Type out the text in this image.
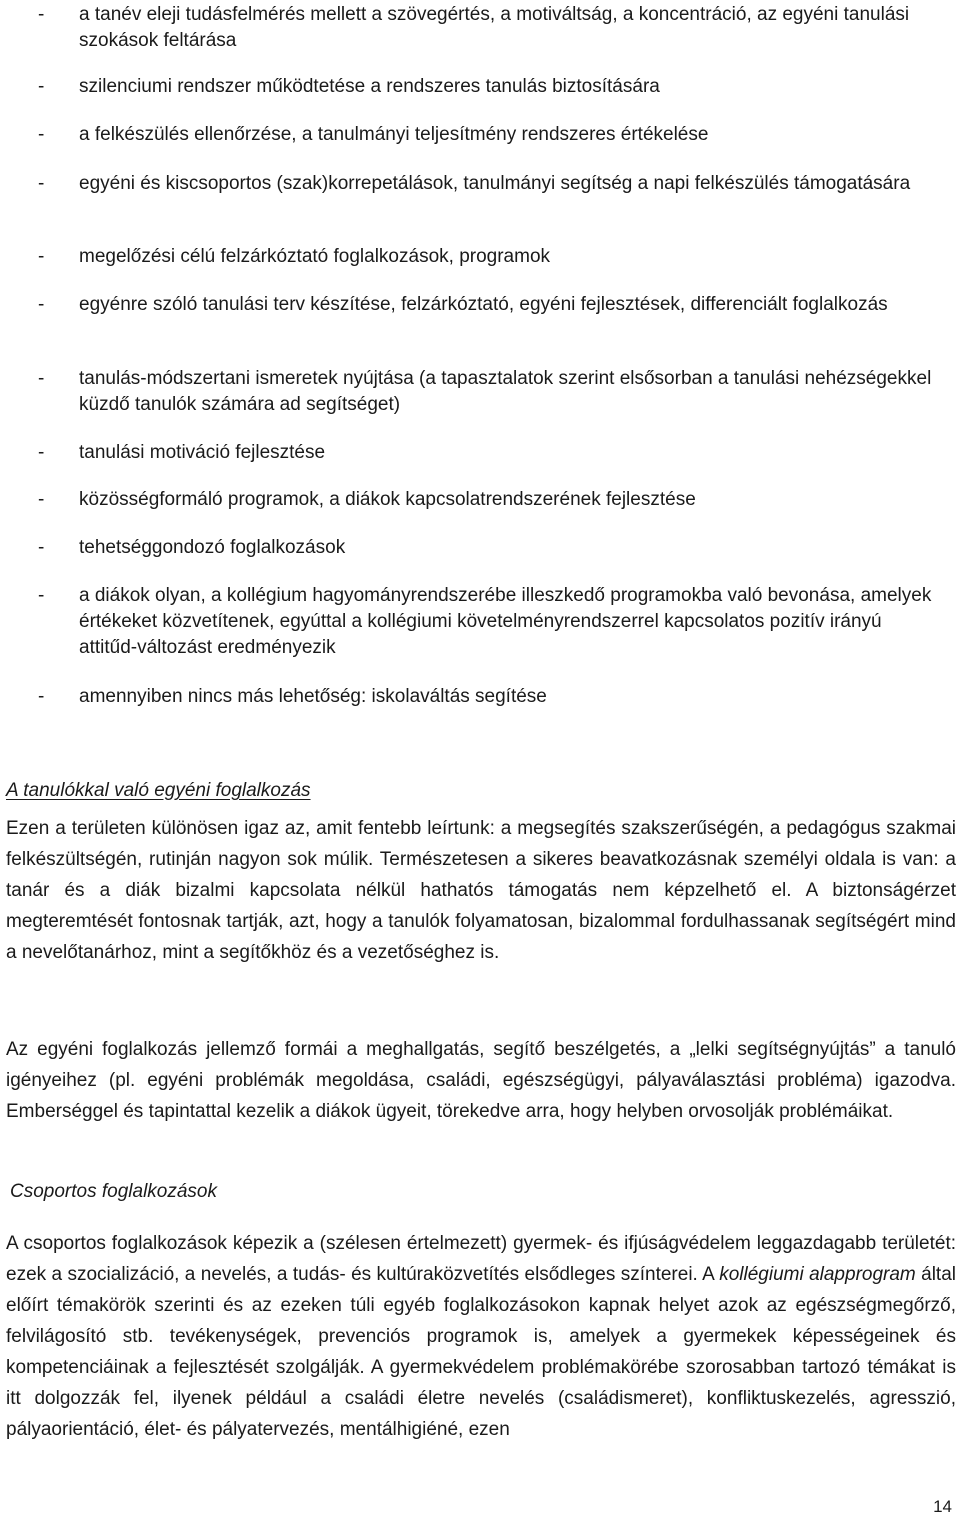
-	a tanév eleji tudásfelmérés mellett a szövegértés, a motiváltság, a koncentráció, az egyéni tanulási szokások feltárása
-	szilenciumi rendszer működtetése a rendszeres tanulás biztosítására
-	a felkészülés ellenőrzése, a tanulmányi teljesítmény rendszeres értékelése
-	egyéni és kiscsoportos (szak)korrepetálások, tanulmányi segítség a napi felkészülés támogatására
-	megelőzési célú felzárkóztató foglalkozások, programok
-	egyénre szóló tanulási terv készítése, felzárkóztató, egyéni fejlesztések, differenciált foglalkozás
-	tanulás-módszertani ismeretek nyújtása (a tapasztalatok szerint elsősorban a tanulási nehézségekkel küzdő tanulók számára ad segítséget)
-	tanulási motiváció fejlesztése
-	közösségformáló programok, a diákok kapcsolatrendszerének fejlesztése
-	tehetséggondozó foglalkozások
-	a diákok olyan, a kollégium hagyományrendszerébe illeszkedő programokba való bevonása, amelyek értékeket közvetítenek, egyúttal a kollégiumi követelményrendszerrel kapcsolatos pozitív irányú attitűd-változást eredményezik
-	amennyiben nincs más lehetőség: iskolaváltás segítése
A tanulókkal való egyéni foglalkozás

Ezen a területen különösen igaz az, amit fentebb leírtunk: a megsegítés szakszerűségén, a pedagógus szakmai felkészültségén, rutinján nagyon sok múlik. Természetesen a sikeres beavatkozásnak személyi oldala is van: a tanár és a diák bizalmi kapcsolata nélkül hathatós támogatás nem képzelhető el. A biztonságérzet megteremtését fontosnak tartják, azt, hogy a tanulók folyamatosan, bizalommal fordulhassanak segítségért mind a nevelőtanárhoz, mint a segítőkhöz és a vezetőséghez is.

Az egyéni foglalkozás jellemző formái a meghallgatás, segítő beszélgetés, a „lelki segítségnyújtás” a tanuló igényeihez (pl. egyéni problémák megoldása, családi, egészségügyi, pályaválasztási probléma) igazodva. Emberséggel és tapintattal kezelik a diákok ügyeit, törekedve arra, hogy helyben orvosolják problémáikat.

Csoportos foglalkozások

A csoportos foglalkozások képezik a (szélesen értelmezett) gyermek- és ifjúságvédelem leggazdagabb területét: ezek a szocializáció, a nevelés, a tudás- és kultúraközvetítés elsődleges színterei. A kollégiumi alapprogram által előírt témakörök szerinti és az ezeken túli egyéb foglalkozásokon kapnak helyet azok az egészségmegőrző, felvilágosító stb. tevékenységek, prevenciós programok is, amelyek a gyermekek képességeinek és kompetenciáinak a fejlesztését szolgálják. A gyermekvédelem problémakörébe szorosabban tartozó témákat is itt dolgozzák fel, ilyenek például a családi életre nevelés (családismeret), konfliktuskezelés, agresszió, pályaorientáció, élet- és pályatervezés, mentálhigiéné, ezen

14
